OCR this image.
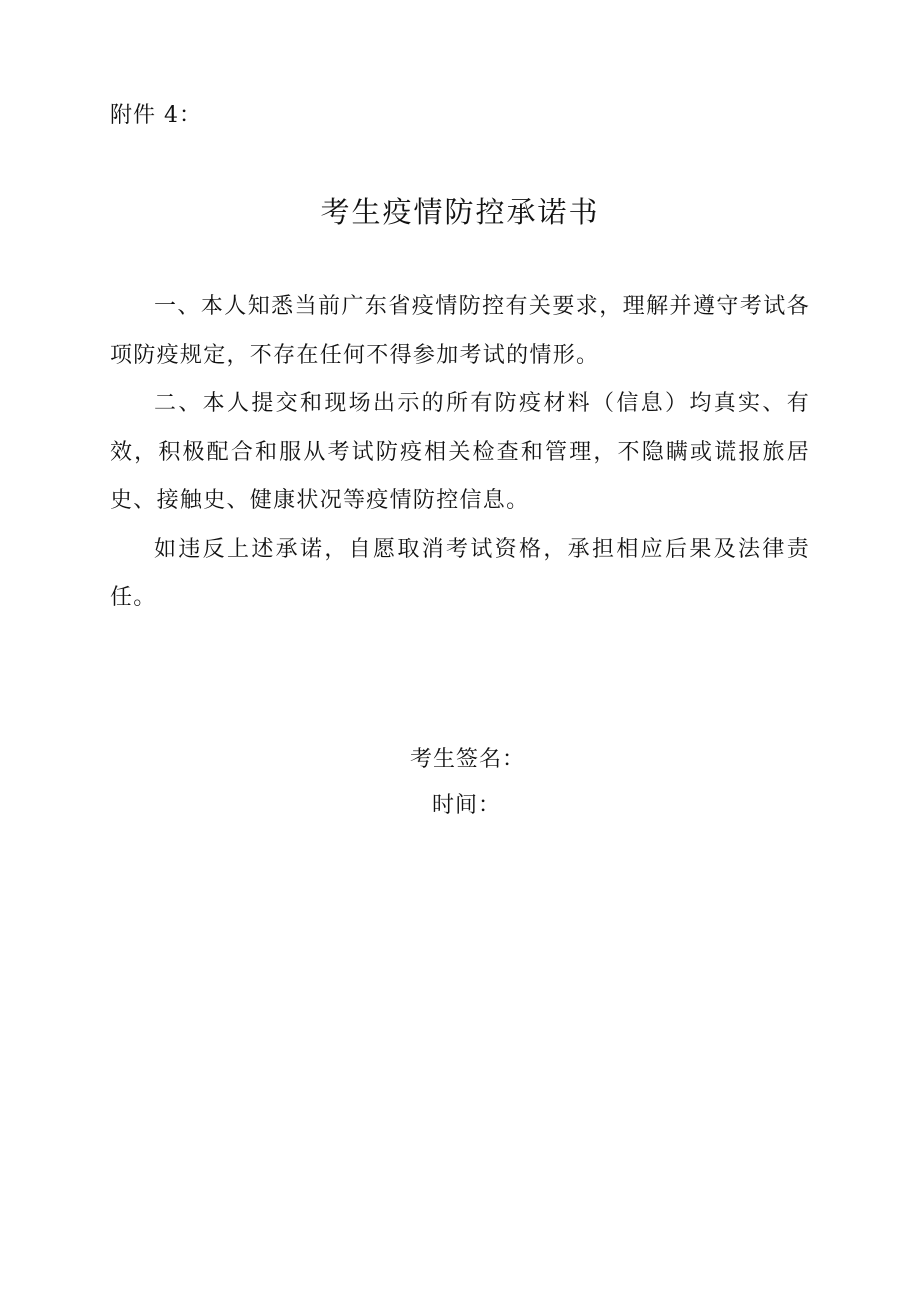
附件 4：
考生疫情防控承诺书

一、本人知悉当前广东省疫情防控有关要求，理解并遵守考试各项防疫规定，不存在任何不得参加考试的情形。

二、本人提交和现场出示的所有防疫材料（信息）均真实、有效，积极配合和服从考试防疫相关检查和管理，不隐瞒或谎报旅居史、接触史、健康状况等疫情防控信息。

如违反上述承诺，自愿取消考试资格，承担相应后果及法律责任。

考生签名：
时间：
